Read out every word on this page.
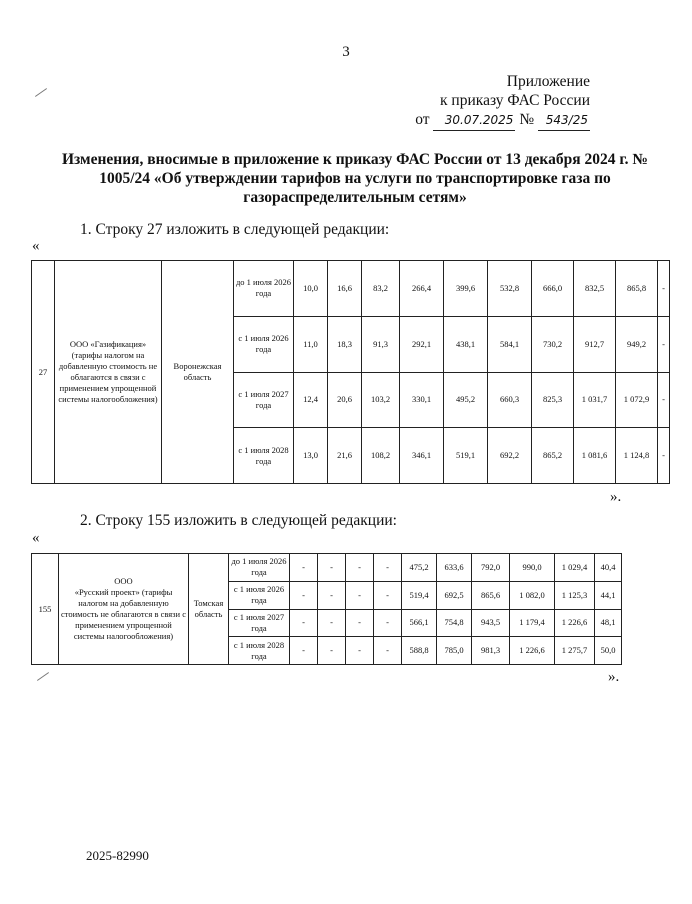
3
Приложение
к приказу ФАС России
от 30.07.2025 № 543/25
Изменения, вносимые в приложение к приказу ФАС России от 13 декабря 2024 г. № 1005/24 «Об утверждении тарифов на услуги по транспортировке газа по газораспределительным сетям»
1. Строку 27 изложить в следующей редакции:
«
27	ООО «Газификация» (тарифы налогом на добавленную стоимость не облагаются в связи с применением упрощенной системы налогообложения)	Воронежская область	до 1 июля 2026 года	10,0	16,6	83,2	266,4	399,6	532,8	666,0	832,5	865,8	-
			с 1 июля 2026 года	11,0	18,3	91,3	292,1	438,1	584,1	730,2	912,7	949,2	-
			с 1 июля 2027 года	12,4	20,6	103,2	330,1	495,2	660,3	825,3	1 031,7	1 072,9	-
			с 1 июля 2028 года	13,0	21,6	108,2	346,1	519,1	692,2	865,2	1 081,6	1 124,8	-
».
2. Строку 155 изложить в следующей редакции:
«
155	ООО
«Русский проект» (тарифы налогом на добавленную стоимость не облагаются в связи с применением упрощенной системы налогообложения)	Томская область	до 1 июля 2026 года	-	-	-	-	475,2	633,6	792,0	990,0	1 029,4	40,4
			с 1 июля 2026 года	-	-	-	-	519,4	692,5	865,6	1 082,0	1 125,3	44,1
			с 1 июля 2027 года	-	-	-	-	566,1	754,8	943,5	1 179,4	1 226,6	48,1
			с 1 июля 2028 года	-	-	-	-	588,8	785,0	981,3	1 226,6	1 275,7	50,0
».
2025-82990
